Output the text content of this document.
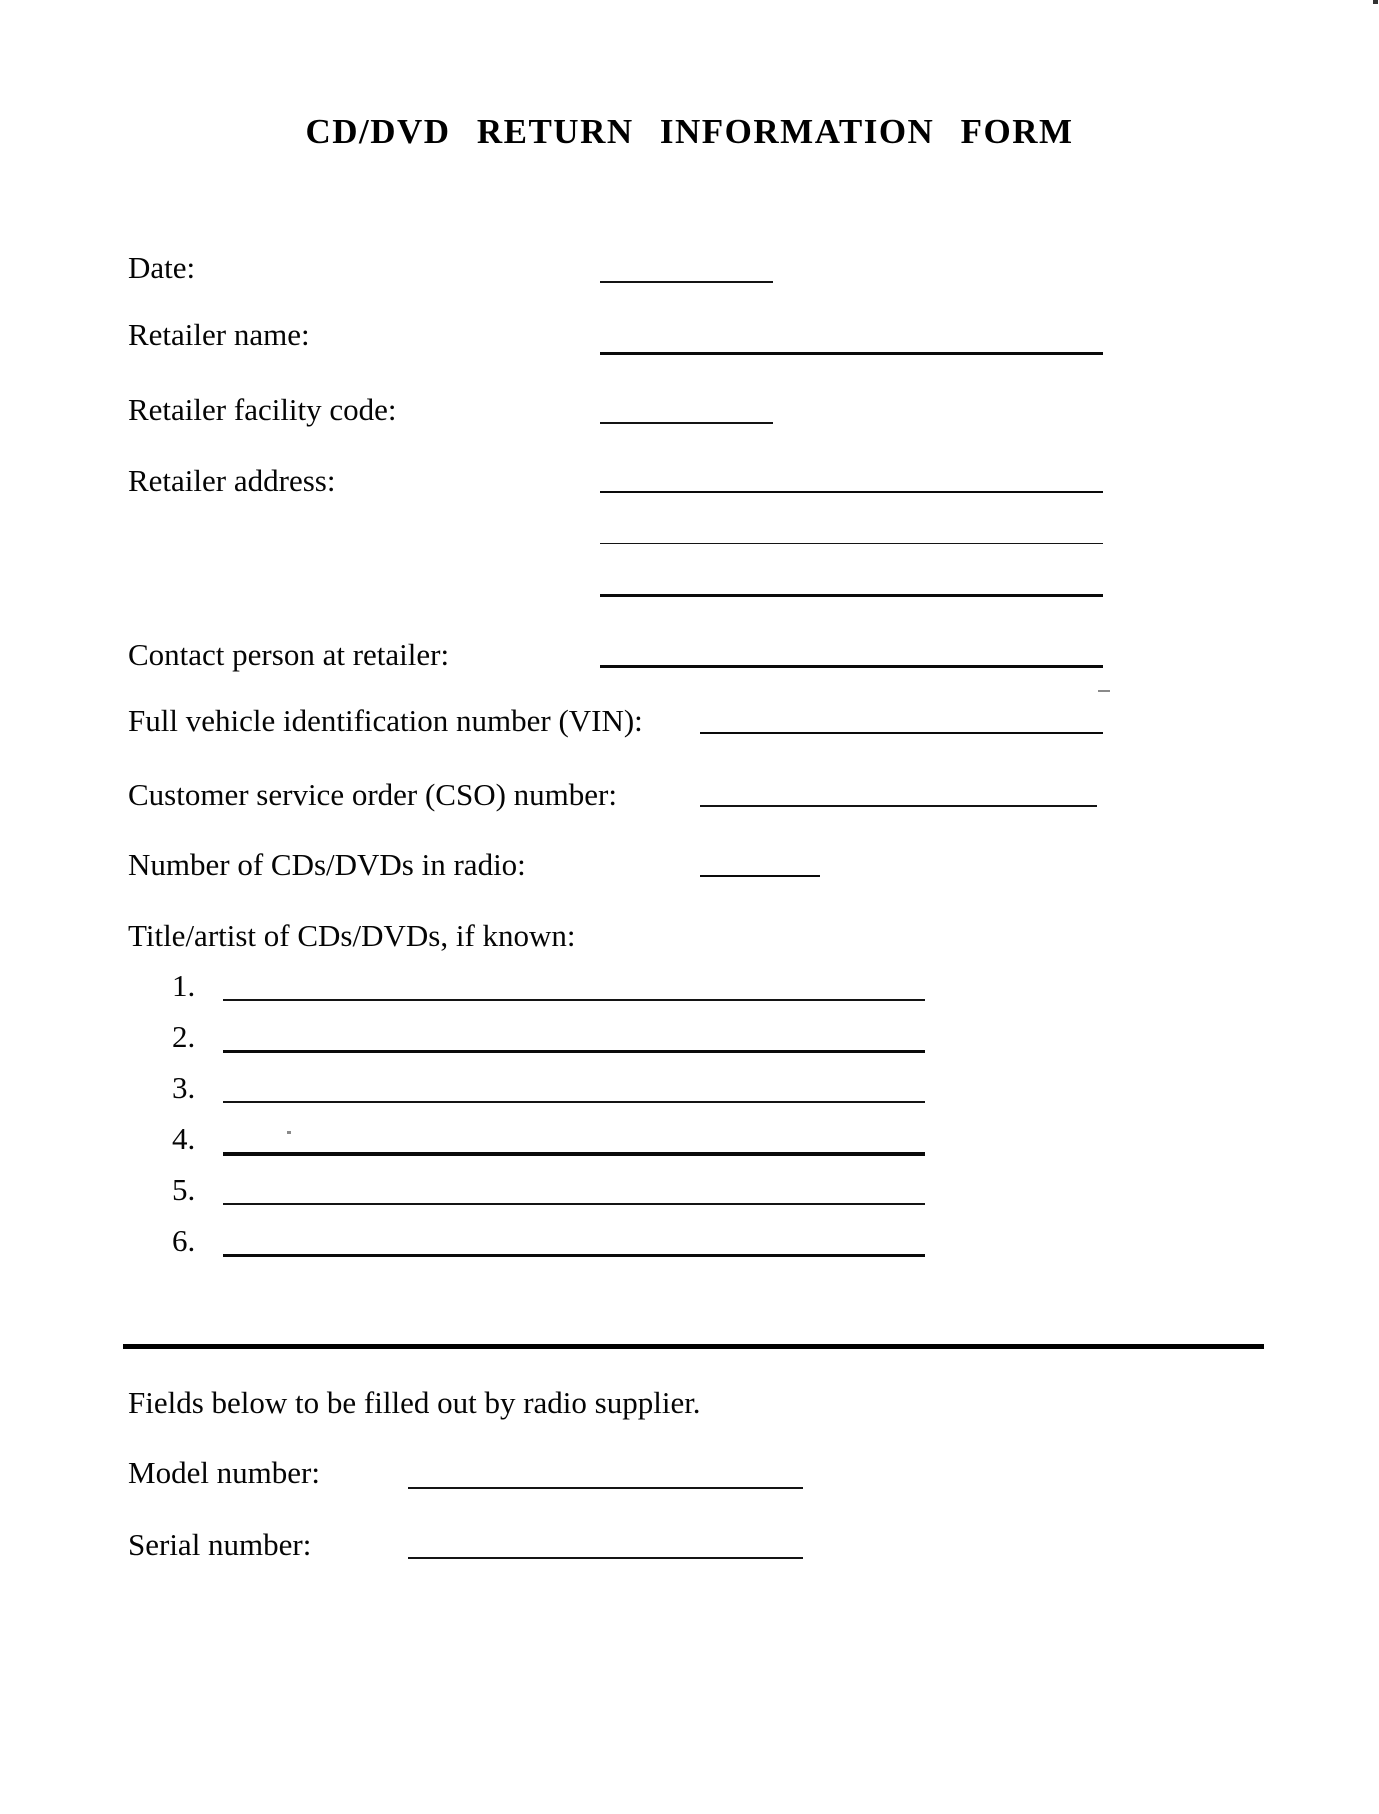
CD/DVD RETURN INFORMATION FORM
Date:
Retailer name:
Retailer facility code:
Retailer address:
Contact person at retailer:
Full vehicle identification number (VIN):
Customer service order (CSO) number:
Number of CDs/DVDs in radio:
Title/artist of CDs/DVDs, if known:
1.
2.
3.
4.
5.
6.
Fields below to be filled out by radio supplier.
Model number:
Serial number:
